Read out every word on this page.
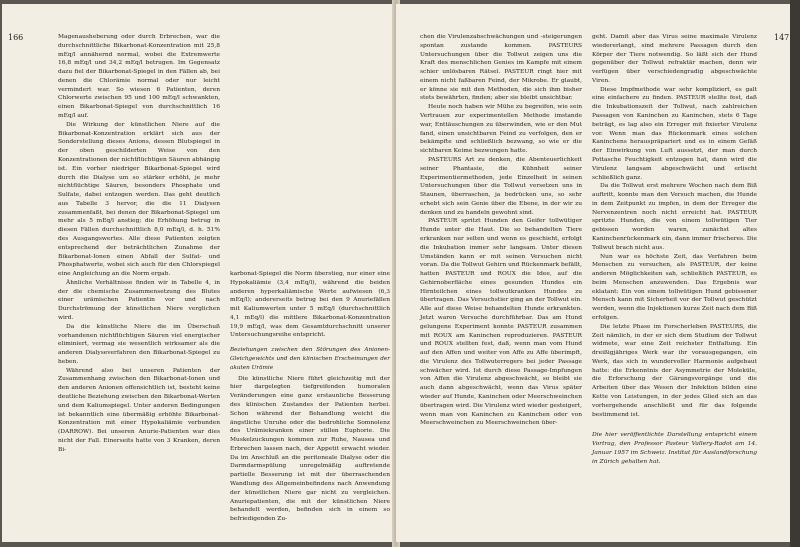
166	Magenausheberung oder durch Erbrechen, war die durchschnittliche Bikarbonat-Konzentration mit 25,8 mEq/l annähernd normal, wobei die Extremwerte 16,8 mEq/l und 34,2 mEq/l betrugen. Im Gegensatz dazu fiel der Bikarbonat-Spiegel in den Fällen ab, bei denen die Chlorämie normal oder nur leicht vermindert war. So wiesen 6 Patienten, deren Chlorwerte zwischen 95 und 100 mEq/l schwankten, einen Bikarbonat-Spiegel von durchschnittlich 16 mEq/l auf.

Die Wirkung der künstlichen Niere auf die Bikarbonat-Konzentration erklärt sich aus der Sonderstellung dieses Anions, dessen Blutspiegel in der oben geschilderten Weise von den Konzentrationen der nichtflüchtigen Säuren abhängig ist. Ein vorher niedriger Bikarbonat-Spiegel wird durch die Dialyse um so stärker erhöht, je mehr nichtflüchtige Säuren, besonders Phosphate und Sulfate, dabei entzogen werden. Das geht deutlich aus Tabelle 3 hervor, die die 11 Dialysen zusammenfaßt, bei denen der Bikarbonat-Spiegel um mehr als 5 mEq/l anstieg; die Erhöhung betrug in diesen Fällen durchschnittlich 8,0 mEq/l, d. h. 51% des Ausgangswertes. Alle diese Patienten zeigten entsprechend der beträchtlichen Zunahme der Bikarbonat-Ionen einen Abfall der Sulfat- und Phosphatwerte, wobei sich auch für den Chlorspiegel eine Angleichung an die Norm ergab.

Ähnliche Verhältnisse finden wir in Tabelle 4, in der die chemische Zusammensetzung des Blutes einer urämischen Patientin vor und nach Durchströmung der künstlichen Niere verglichen wird.

Da die künstliche Niere die im Überschuß vorhandenen nichtflüchtigen Säuren viel energischer eliminiert, vermag sie wesentlich wirksamer als die anderen Dialyseverfahren den Bikarbonat-Spiegel zu heben.

Während also bei unseren Patienten der Zusammenhang zwischen den Bikarbonat-Ionen und den anderen Anionen offensichtlich ist, besteht keine deutliche Beziehung zwischen den Bikarbonat-Werten und dem Kaliumspiegel. Unter anderen Bedingungen ist bekanntlich eine übermäßig erhöhte Bikarbonat-Konzentration mit einer Hypokaliämie verbunden (DARROW). Bei unseren Anurie-Patienten war dies nicht der Fall. Einerseits hatte von 3 Kranken, deren Bi-

karbonat-Spiegel die Norm überstieg, nur einer eine Hypokaliämie (3,4 mEq/l), während die beiden anderen hyperkaliämische Werte aufwiesen (6,3 mEq/l); andererseits betrug bei den 9 Anuriefällen mit Kaliumwerten unter 5 mEq/l (durchschnittlich 4,1 mEq/l) die mittlere Bikarbonat-Konzentration 19,9 mEq/l, was dem Gesamtdurchschnitt unserer Untersuchungsreihe entspricht.

Beziehungen zwischen den Störungen des Anionen-Gleichgewichts und den klinischen Erscheinungen der akuten Urämie

Die künstliche Niere führt gleichzeitig mit der hier dargelegten tiefgreifenden humoralen Veränderungen eine ganz erstaunliche Besserung des klinischen Zustandes der Patienten herbei. Schon während der Behandlung weicht die ängstliche Unruhe oder die bedrohliche Somnolenz des Urämiekranken einer stillen Euphorie. Die Muskelzuckungen kommen zur Ruhe, Nausea und Erbrechen lassen nach, der Appetit erwacht wieder. Da im Anschluß an die peritoneale Dialyse oder die Darmdarmspülung unregelmäßig auftretende partielle Besserung ist mit der überraschenden Wandlung des Allgemeinbefindens nach Anwendung der künstlichen Niere gar nicht zu vergleichen. Anuriepatienten, die mit der künstlichen Niere behandelt werden, befinden sich in einem so befriedigenden Zu-

147

chen die Virulenzabschwächungen und -steigerungen spontan zustande kommen. PASTEURS Untersuchungen über die Tollwut zeigen uns die Kraft des menschlichen Genies im Kampfe mit einem schier unlösbaren Rätsel. PASTEUR ringt hier mit einem nicht faßbaren Feind, der Mikrobe. Er glaubt, er könne sie mit den Methoden, die sich ihm bisher stets bewährten, finden; aber sie bleibt unsichtbar.

Heute noch haben wir Mühe zu begreifen, wie sein Vertrauen zur experimentellen Methode imstande war, Enttäuschungen zu überwinden, wie er den Mut fand, einen unsichtbaren Feind zu verfolgen, den er bekämpfte und schließlich bezwang, so wie er die sichtbaren Keime bezwungen hatte.

PASTEURS Art zu denken, die Abenteuerlichkeit seiner Phantasie, die Kühnheit seiner Experimentiermethoden, jede Einzelheit in seinen Untersuchungen über die Tollwut versetzen uns in Staunen, überraschen, ja bedrücken uns, so sehr erhebt sich sein Genie über die Ebene, in der wir zu denken und zu handeln gewohnt sind.

PASTEUR spritzt Hunden den Geifer tollwütiger Hunde unter die Haut. Die so behandelten Tiere erkranken nur selten und wenn es geschieht, erfolgt die Inkubation immer sehr langsam. Unter diesen Umständen kann er mit seinen Versuchen nicht voran. Da die Tollwut Gehirn und Rückenmark befällt, hatten PASTEUR und ROUX die Idee, auf die Gehirnoberfläche eines gesunden Hundes ein Hirnteilchen eines tollwutkranken Hundes zu übertragen. Das Versuchstier ging an der Tollwut ein. Alle auf diese Weise behandelten Hunde erkrankten. Jetzt waren Versuche durchführbar. Das am Hund gelungene Experiment konnte PASTEUR zusammen mit ROUX am Kaninchen reproduzieren. PASTEUR und ROUX stellten fest, daß, wenn man vom Hund auf den Affen und weiter von Affe zu Affe überimpft, die Virulenz des Tollwuterregers bei jeder Passage schwächer wird. Ist durch diese Passage-Impfungen von Affen die Virulenz abgeschwächt, so bleibt sie auch dann abgeschwächt, wenn das Virus später wieder auf Hunde, Kaninchen oder Meerschweinchen übertragen wird. Die Virulenz wird wieder gesteigert, wenn man von Kaninchen zu Kaninchen oder von Meerschweinchen zu Meerschweinchen über-

geht. Damit aber das Virus seine maximale Virulenz wiedererlangt, sind mehrere Passagen durch den Körper der Tiere notwendig. So läßt sich der Hund gegenüber der Tollwut refraktär machen, denn wir verfügen über verschiedengradig abgeschwächte Viren.

Diese Impfmethode war sehr kompliziert, es galt eine einfachere zu finden. PASTEUR stellte fest, daß die Inkubationszeit der Tollwut, nach zahlreichen Passagen von Kaninchen zu Kaninchen, stets 6 Tage beträgt, es lag also ein Erreger mit fixierter Virulenz vor. Wenn man das Rückenmark eines solchen Kaninchens herauspräpariert und es in einem Gefäß der Einwirkung von Luft aussetzt, der man durch Pottasche Feuchtigkeit entzogen hat, dann wird die Virulenz langsam abgeschwächt und erlischt schließlich ganz.

Da die Tollwut erst mehrere Wochen nach dem Biß auftritt, konnte man den Versuch machen, die Hunde in dem Zeitpunkt zu impfen, in dem der Erreger die Nervenzentren noch nicht erreicht hat. PASTEUR spritzte Hunden, die von einem tollwütigen Tier gebissen worden waren, zunächst altes Kaninchenrückenmark ein, dann immer frischeres. Die Tollwut brach nicht aus.

Nun war es höchste Zeit, das Verfahren beim Menschen zu versuchen, als PASTEUR, der keine anderen Möglichkeiten sah, schließlich PASTEUR, es beim Menschen anzuwenden. Das Ergebnis war eklatant: Ein von einem tollwütigen Hund gebissener Mensch kann mit Sicherheit vor der Tollwut geschützt werden, wenn die Injektionen kurze Zeit nach dem Biß erfolgen.

Die letzte Phase im Forscherleben PASTEURS, die Zeit nämlich, in der er sich dem Studium der Tollwut widmete, war eine Zeit reichster Entfaltung. Ein dreißigjähriges Werk war ihr vorausgegangen, ein Werk, das sich in wundervoller Harmonie aufgebaut hatte: die Erkenntnis der Asymmetrie der Moleküle, die Erforschung der Gärungsvorgänge und die Arbeiten über das Wesen der Infektion bilden eine Kette von Leistungen, in der jedes Glied sich an das vorhergehende anschließt und für das folgende bestimmend ist.

Die hier veröffentlichte Darstellung entspricht einem Vortrag, den Professor Pasteur Vallery-Radot am 14. Januar 1957 im Schweiz. Institut für Auslandforschung in Zürich gehalten hat.
